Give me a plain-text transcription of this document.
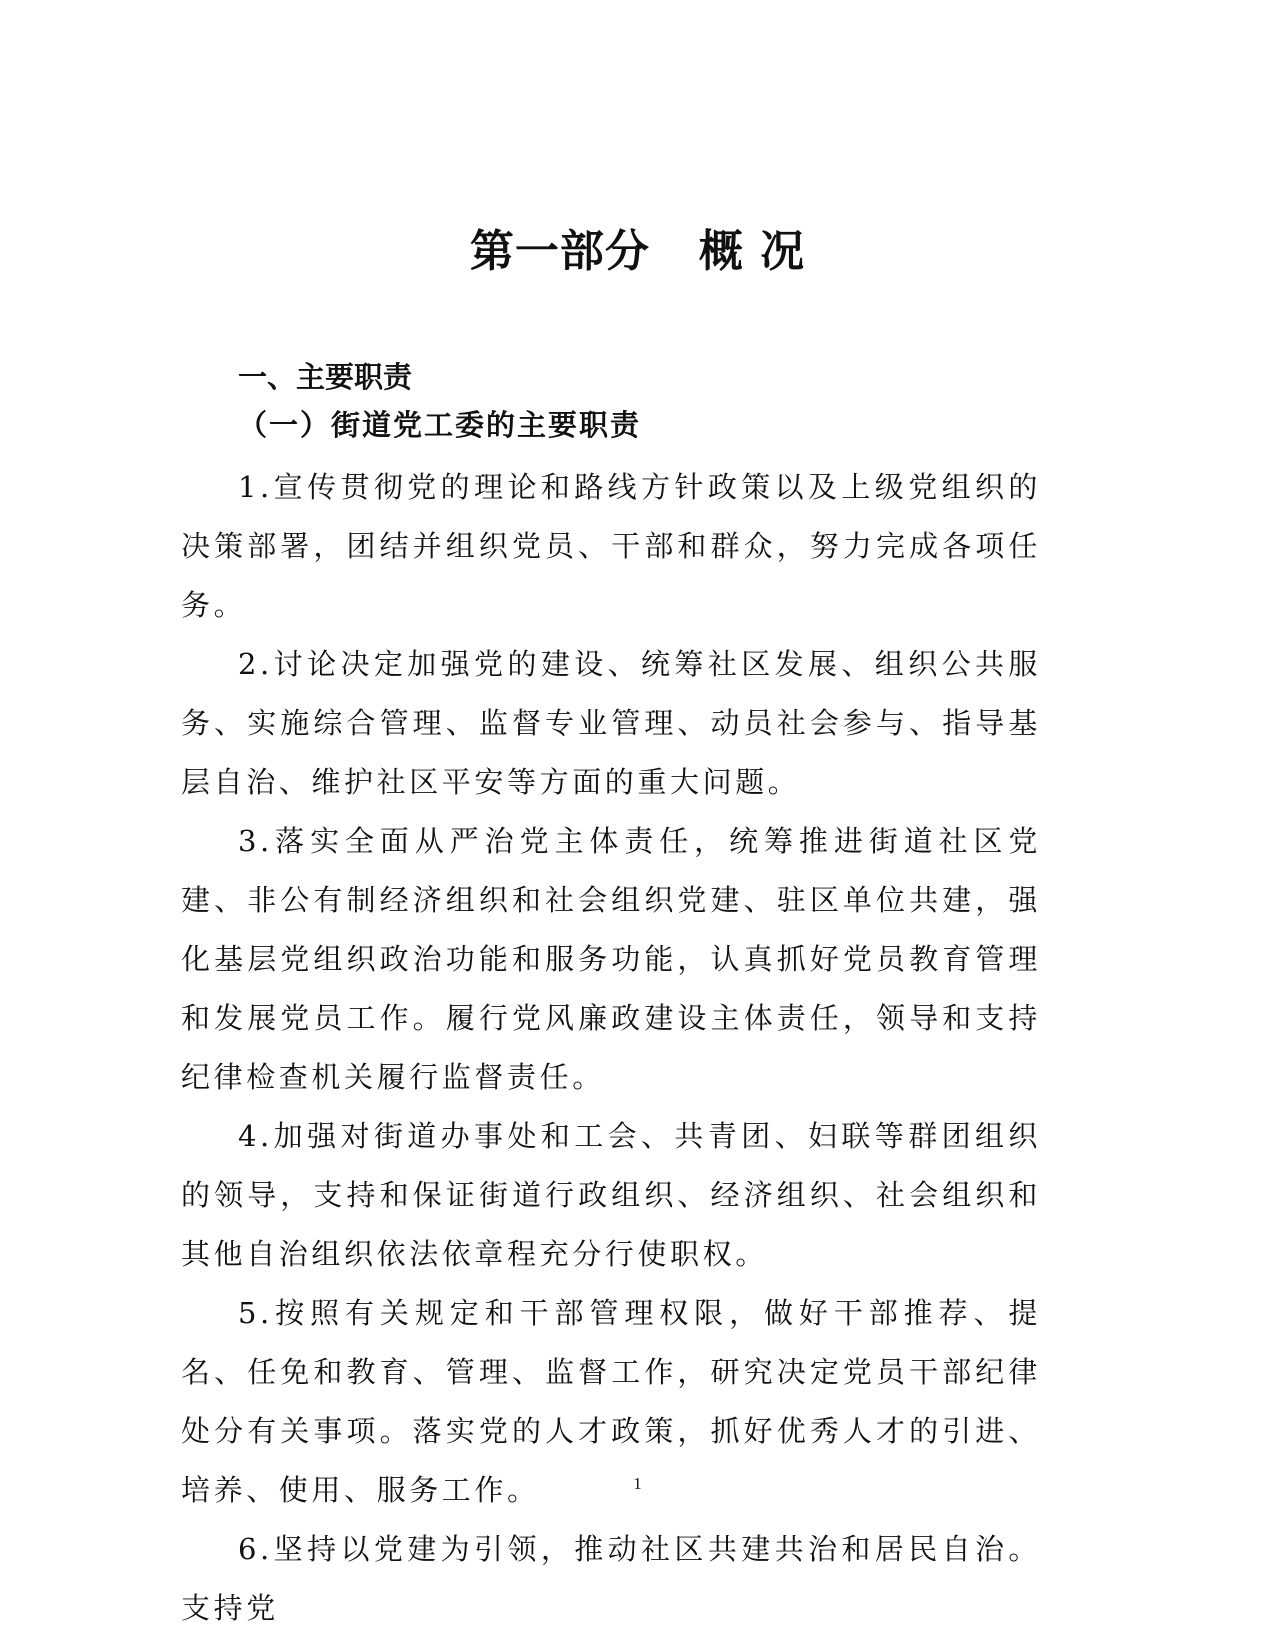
第一部分   概 况
一、主要职责
（一）街道党工委的主要职责

1.宣传贯彻党的理论和路线方针政策以及上级党组织的决策部署，团结并组织党员、干部和群众，努力完成各项任务。

2.讨论决定加强党的建设、统筹社区发展、组织公共服务、实施综合管理、监督专业管理、动员社会参与、指导基层自治、维护社区平安等方面的重大问题。

3.落实全面从严治党主体责任，统筹推进街道社区党建、非公有制经济组织和社会组织党建、驻区单位共建，强化基层党组织政治功能和服务功能，认真抓好党员教育管理和发展党员工作。履行党风廉政建设主体责任，领导和支持纪律检查机关履行监督责任。

4.加强对街道办事处和工会、共青团、妇联等群团组织的领导，支持和保证街道行政组织、经济组织、社会组织和其他自治组织依法依章程充分行使职权。

5.按照有关规定和干部管理权限，做好干部推荐、提名、任免和教育、管理、监督工作，研究决定党员干部纪律处分有关事项。落实党的人才政策，抓好优秀人才的引进、培养、使用、服务工作。

6.坚持以党建为引领，推动社区共建共治和居民自治。支持党

1
